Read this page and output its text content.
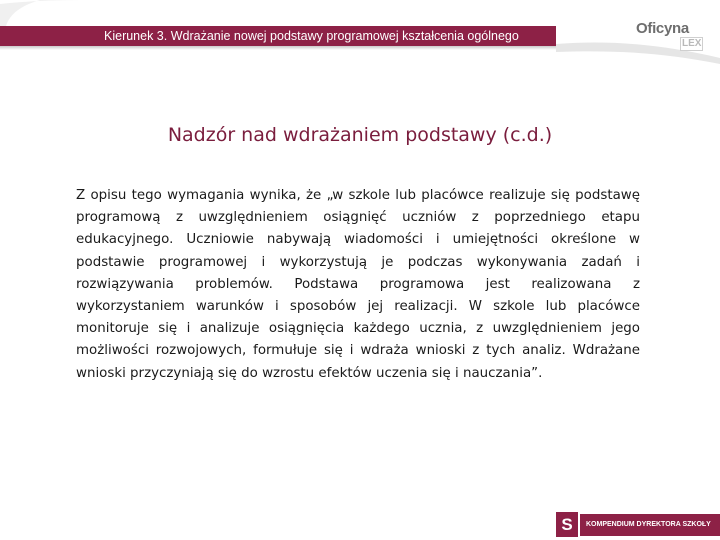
Kierunek 3. Wdrażanie nowej podstawy programowej kształcenia ogólnego	Oficyna
LEX
Nadzór nad wdrażaniem podstawy (c.d.)
Z opisu tego wymagania wynika, że „w szkole lub placówce realizuje się podstawę programową z uwzględnieniem osiągnięć uczniów z poprzedniego etapu edukacyjnego. Uczniowie nabywają wiadomości i umiejętności określone w podstawie programowej i wykorzystują je podczas wykonywania zadań i rozwiązywania problemów. Podstawa programowa jest realizowana z wykorzystaniem warunków i sposobów jej realizacji. W szkole lub placówce monitoruje się i analizuje osiągnięcia każdego ucznia, z uwzględnieniem jego możliwości rozwojowych, formułuje się i wdraża wnioski z tych analiz. Wdrażane wnioski przyczyniają się do wzrostu efektów uczenia się i nauczania”.
S	KOMPENDIUM DYREKTORA SZKOŁY
